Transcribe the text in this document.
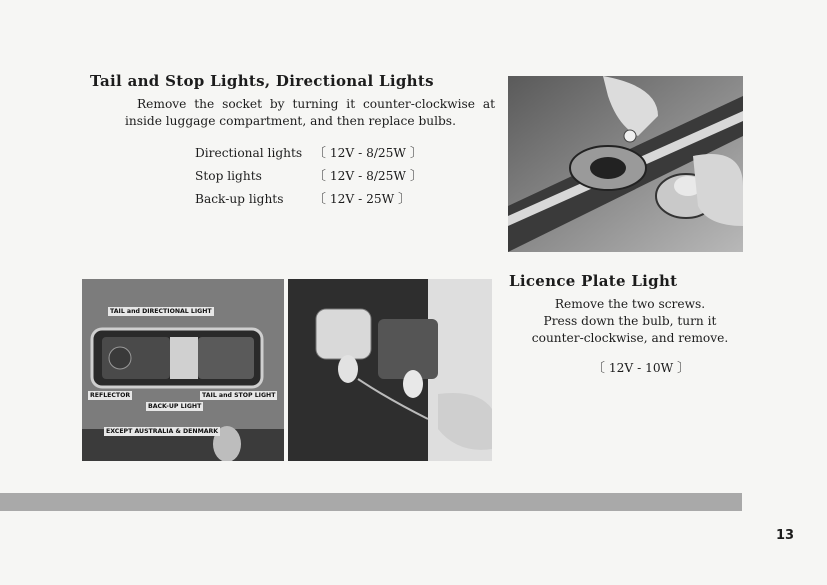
Tail and Stop Lights, Directional Lights
Remove the socket by turning it counter-clockwise at
inside luggage compartment, and then replace bulbs.
Directional lights 〔 12V - 8/25W 〕
Stop lights	〔 12V - 8/25W 〕
Back-up lights 〔 12V - 25W 〕
Licence Plate Light
Remove the two screws.
Press down the bulb, turn it
counter-clockwise, and remove.
〔 12V - 10W 〕
TAIL and DIRECTIONAL LIGHT
REFLECTOR	TAIL and STOP LIGHT
BACK-UP LIGHT
EXCEPT AUSTRALIA & DENMARK
13
